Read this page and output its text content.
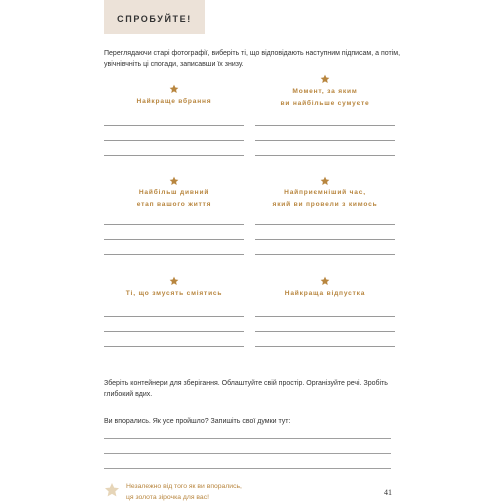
СПРОБУЙТЕ!
Переглядаючи старі фотографії, виберіть ті, що відповідають наступним підписам, а потім, увічнівчніть ці спогади, записавши їх знизу.
Найкраще вбрання
Момент, за яким
ви найбільше сумуєте
Найбільш дивний
етап вашого життя
Найприємніший час,
який ви провели з кимось
Ті, що змусять сміятись	Найкраща відпустка
Зберіть контейнери для зберігання. Облаштуйте свій простір. Організуйте речі. Зробіть глибокий вдих.
Ви впорались. Як усе пройшло? Запишіть свої думки тут:
Незалежно від того як ви впорались,
ця золота зірочка для вас!
41
